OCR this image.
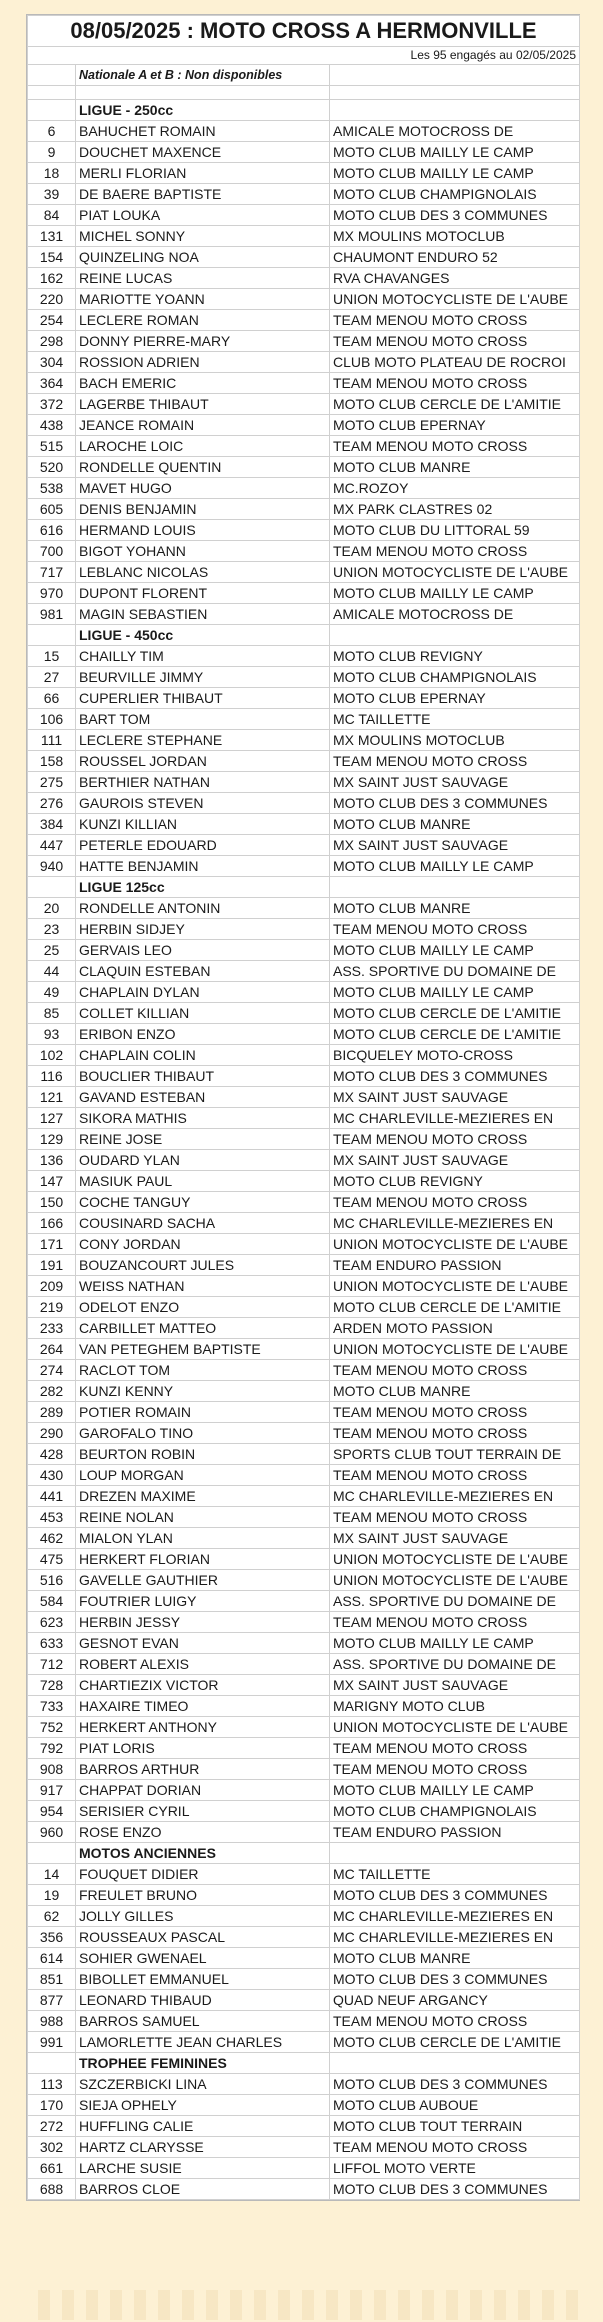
08/05/2025 : MOTO CROSS A HERMONVILLE		
Les 95 engagés au 02/05/2025		
	Nationale A et B : Non disponibles	

	LIGUE - 250cc	
6	BAHUCHET ROMAIN	AMICALE MOTOCROSS DE
9	DOUCHET MAXENCE	MOTO CLUB MAILLY LE CAMP
18	MERLI FLORIAN	MOTO CLUB MAILLY LE CAMP
39	DE BAERE BAPTISTE	MOTO CLUB CHAMPIGNOLAIS
84	PIAT LOUKA	MOTO CLUB DES 3 COMMUNES
131	MICHEL SONNY	MX MOULINS MOTOCLUB
154	QUINZELING NOA	CHAUMONT ENDURO 52
162	REINE LUCAS	RVA CHAVANGES
220	MARIOTTE YOANN	UNION MOTOCYCLISTE DE L'AUBE
254	LECLERE ROMAN	TEAM MENOU MOTO CROSS
298	DONNY PIERRE-MARY	TEAM MENOU MOTO CROSS
304	ROSSION ADRIEN	CLUB MOTO PLATEAU DE ROCROI
364	BACH EMERIC	TEAM MENOU MOTO CROSS
372	LAGERBE THIBAUT	MOTO CLUB CERCLE DE L'AMITIE
438	JEANCE ROMAIN	MOTO CLUB EPERNAY
515	LAROCHE LOIC	TEAM MENOU MOTO CROSS
520	RONDELLE QUENTIN	MOTO CLUB MANRE
538	MAVET HUGO	MC.ROZOY
605	DENIS BENJAMIN	MX PARK CLASTRES 02
616	HERMAND LOUIS	MOTO CLUB DU LITTORAL 59
700	BIGOT YOHANN	TEAM MENOU MOTO CROSS
717	LEBLANC NICOLAS	UNION MOTOCYCLISTE DE L'AUBE
970	DUPONT FLORENT	MOTO CLUB MAILLY LE CAMP
981	MAGIN SEBASTIEN	AMICALE MOTOCROSS DE
	LIGUE - 450cc	
15	CHAILLY TIM	MOTO CLUB REVIGNY
27	BEURVILLE JIMMY	MOTO CLUB CHAMPIGNOLAIS
66	CUPERLIER THIBAUT	MOTO CLUB EPERNAY
106	BART TOM	MC TAILLETTE
111	LECLERE STEPHANE	MX MOULINS MOTOCLUB
158	ROUSSEL JORDAN	TEAM MENOU MOTO CROSS
275	BERTHIER NATHAN	MX SAINT JUST SAUVAGE
276	GAUROIS STEVEN	MOTO CLUB DES 3 COMMUNES
384	KUNZI KILLIAN	MOTO CLUB MANRE
447	PETERLE EDOUARD	MX SAINT JUST SAUVAGE
940	HATTE BENJAMIN	MOTO CLUB MAILLY LE CAMP
	LIGUE 125cc	
20	RONDELLE ANTONIN	MOTO CLUB MANRE
23	HERBIN SIDJEY	TEAM MENOU MOTO CROSS
25	GERVAIS LEO	MOTO CLUB MAILLY LE CAMP
44	CLAQUIN ESTEBAN	ASS. SPORTIVE DU DOMAINE DE
49	CHAPLAIN DYLAN	MOTO CLUB MAILLY LE CAMP
85	COLLET KILLIAN	MOTO CLUB CERCLE DE L'AMITIE
93	ERIBON ENZO	MOTO CLUB CERCLE DE L'AMITIE
102	CHAPLAIN COLIN	BICQUELEY MOTO-CROSS
116	BOUCLIER THIBAUT	MOTO CLUB DES 3 COMMUNES
121	GAVAND ESTEBAN	MX SAINT JUST SAUVAGE
127	SIKORA MATHIS	MC CHARLEVILLE-MEZIERES EN
129	REINE JOSE	TEAM MENOU MOTO CROSS
136	OUDARD YLAN	MX SAINT JUST SAUVAGE
147	MASIUK PAUL	MOTO CLUB REVIGNY
150	COCHE TANGUY	TEAM MENOU MOTO CROSS
166	COUSINARD SACHA	MC CHARLEVILLE-MEZIERES EN
171	CONY JORDAN	UNION MOTOCYCLISTE DE L'AUBE
191	BOUZANCOURT JULES	TEAM ENDURO PASSION
209	WEISS NATHAN	UNION MOTOCYCLISTE DE L'AUBE
219	ODELOT ENZO	MOTO CLUB CERCLE DE L'AMITIE
233	CARBILLET MATTEO	ARDEN MOTO PASSION
264	VAN PETEGHEM BAPTISTE	UNION MOTOCYCLISTE DE L'AUBE
274	RACLOT TOM	TEAM MENOU MOTO CROSS
282	KUNZI KENNY	MOTO CLUB MANRE
289	POTIER ROMAIN	TEAM MENOU MOTO CROSS
290	GAROFALO TINO	TEAM MENOU MOTO CROSS
428	BEURTON ROBIN	SPORTS CLUB TOUT TERRAIN DE
430	LOUP MORGAN	TEAM MENOU MOTO CROSS
441	DREZEN MAXIME	MC CHARLEVILLE-MEZIERES EN
453	REINE NOLAN	TEAM MENOU MOTO CROSS
462	MIALON YLAN	MX SAINT JUST SAUVAGE
475	HERKERT FLORIAN	UNION MOTOCYCLISTE DE L'AUBE
516	GAVELLE GAUTHIER	UNION MOTOCYCLISTE DE L'AUBE
584	FOUTRIER LUIGY	ASS. SPORTIVE DU DOMAINE DE
623	HERBIN JESSY	TEAM MENOU MOTO CROSS
633	GESNOT EVAN	MOTO CLUB MAILLY LE CAMP
712	ROBERT ALEXIS	ASS. SPORTIVE DU DOMAINE DE
728	CHARTIEZIX VICTOR	MX SAINT JUST SAUVAGE
733	HAXAIRE TIMEO	MARIGNY MOTO CLUB
752	HERKERT ANTHONY	UNION MOTOCYCLISTE DE L'AUBE
792	PIAT LORIS	TEAM MENOU MOTO CROSS
908	BARROS ARTHUR	TEAM MENOU MOTO CROSS
917	CHAPPAT DORIAN	MOTO CLUB MAILLY LE CAMP
954	SERISIER CYRIL	MOTO CLUB CHAMPIGNOLAIS
960	ROSE ENZO	TEAM ENDURO PASSION
	MOTOS ANCIENNES	
14	FOUQUET DIDIER	MC TAILLETTE
19	FREULET BRUNO	MOTO CLUB DES 3 COMMUNES
62	JOLLY GILLES	MC CHARLEVILLE-MEZIERES EN
356	ROUSSEAUX PASCAL	MC CHARLEVILLE-MEZIERES EN
614	SOHIER GWENAEL	MOTO CLUB MANRE
851	BIBOLLET EMMANUEL	MOTO CLUB DES 3 COMMUNES
877	LEONARD THIBAUD	QUAD NEUF ARGANCY
988	BARROS SAMUEL	TEAM MENOU MOTO CROSS
991	LAMORLETTE JEAN CHARLES	MOTO CLUB CERCLE DE L'AMITIE
	TROPHEE FEMININES	
113	SZCZERBICKI LINA	MOTO CLUB DES 3 COMMUNES
170	SIEJA OPHELY	MOTO CLUB AUBOUE
272	HUFFLING CALIE	MOTO CLUB TOUT TERRAIN
302	HARTZ CLARYSSE	TEAM MENOU MOTO CROSS
661	LARCHE SUSIE	LIFFOL MOTO VERTE
688	BARROS CLOE	MOTO CLUB DES 3 COMMUNES
